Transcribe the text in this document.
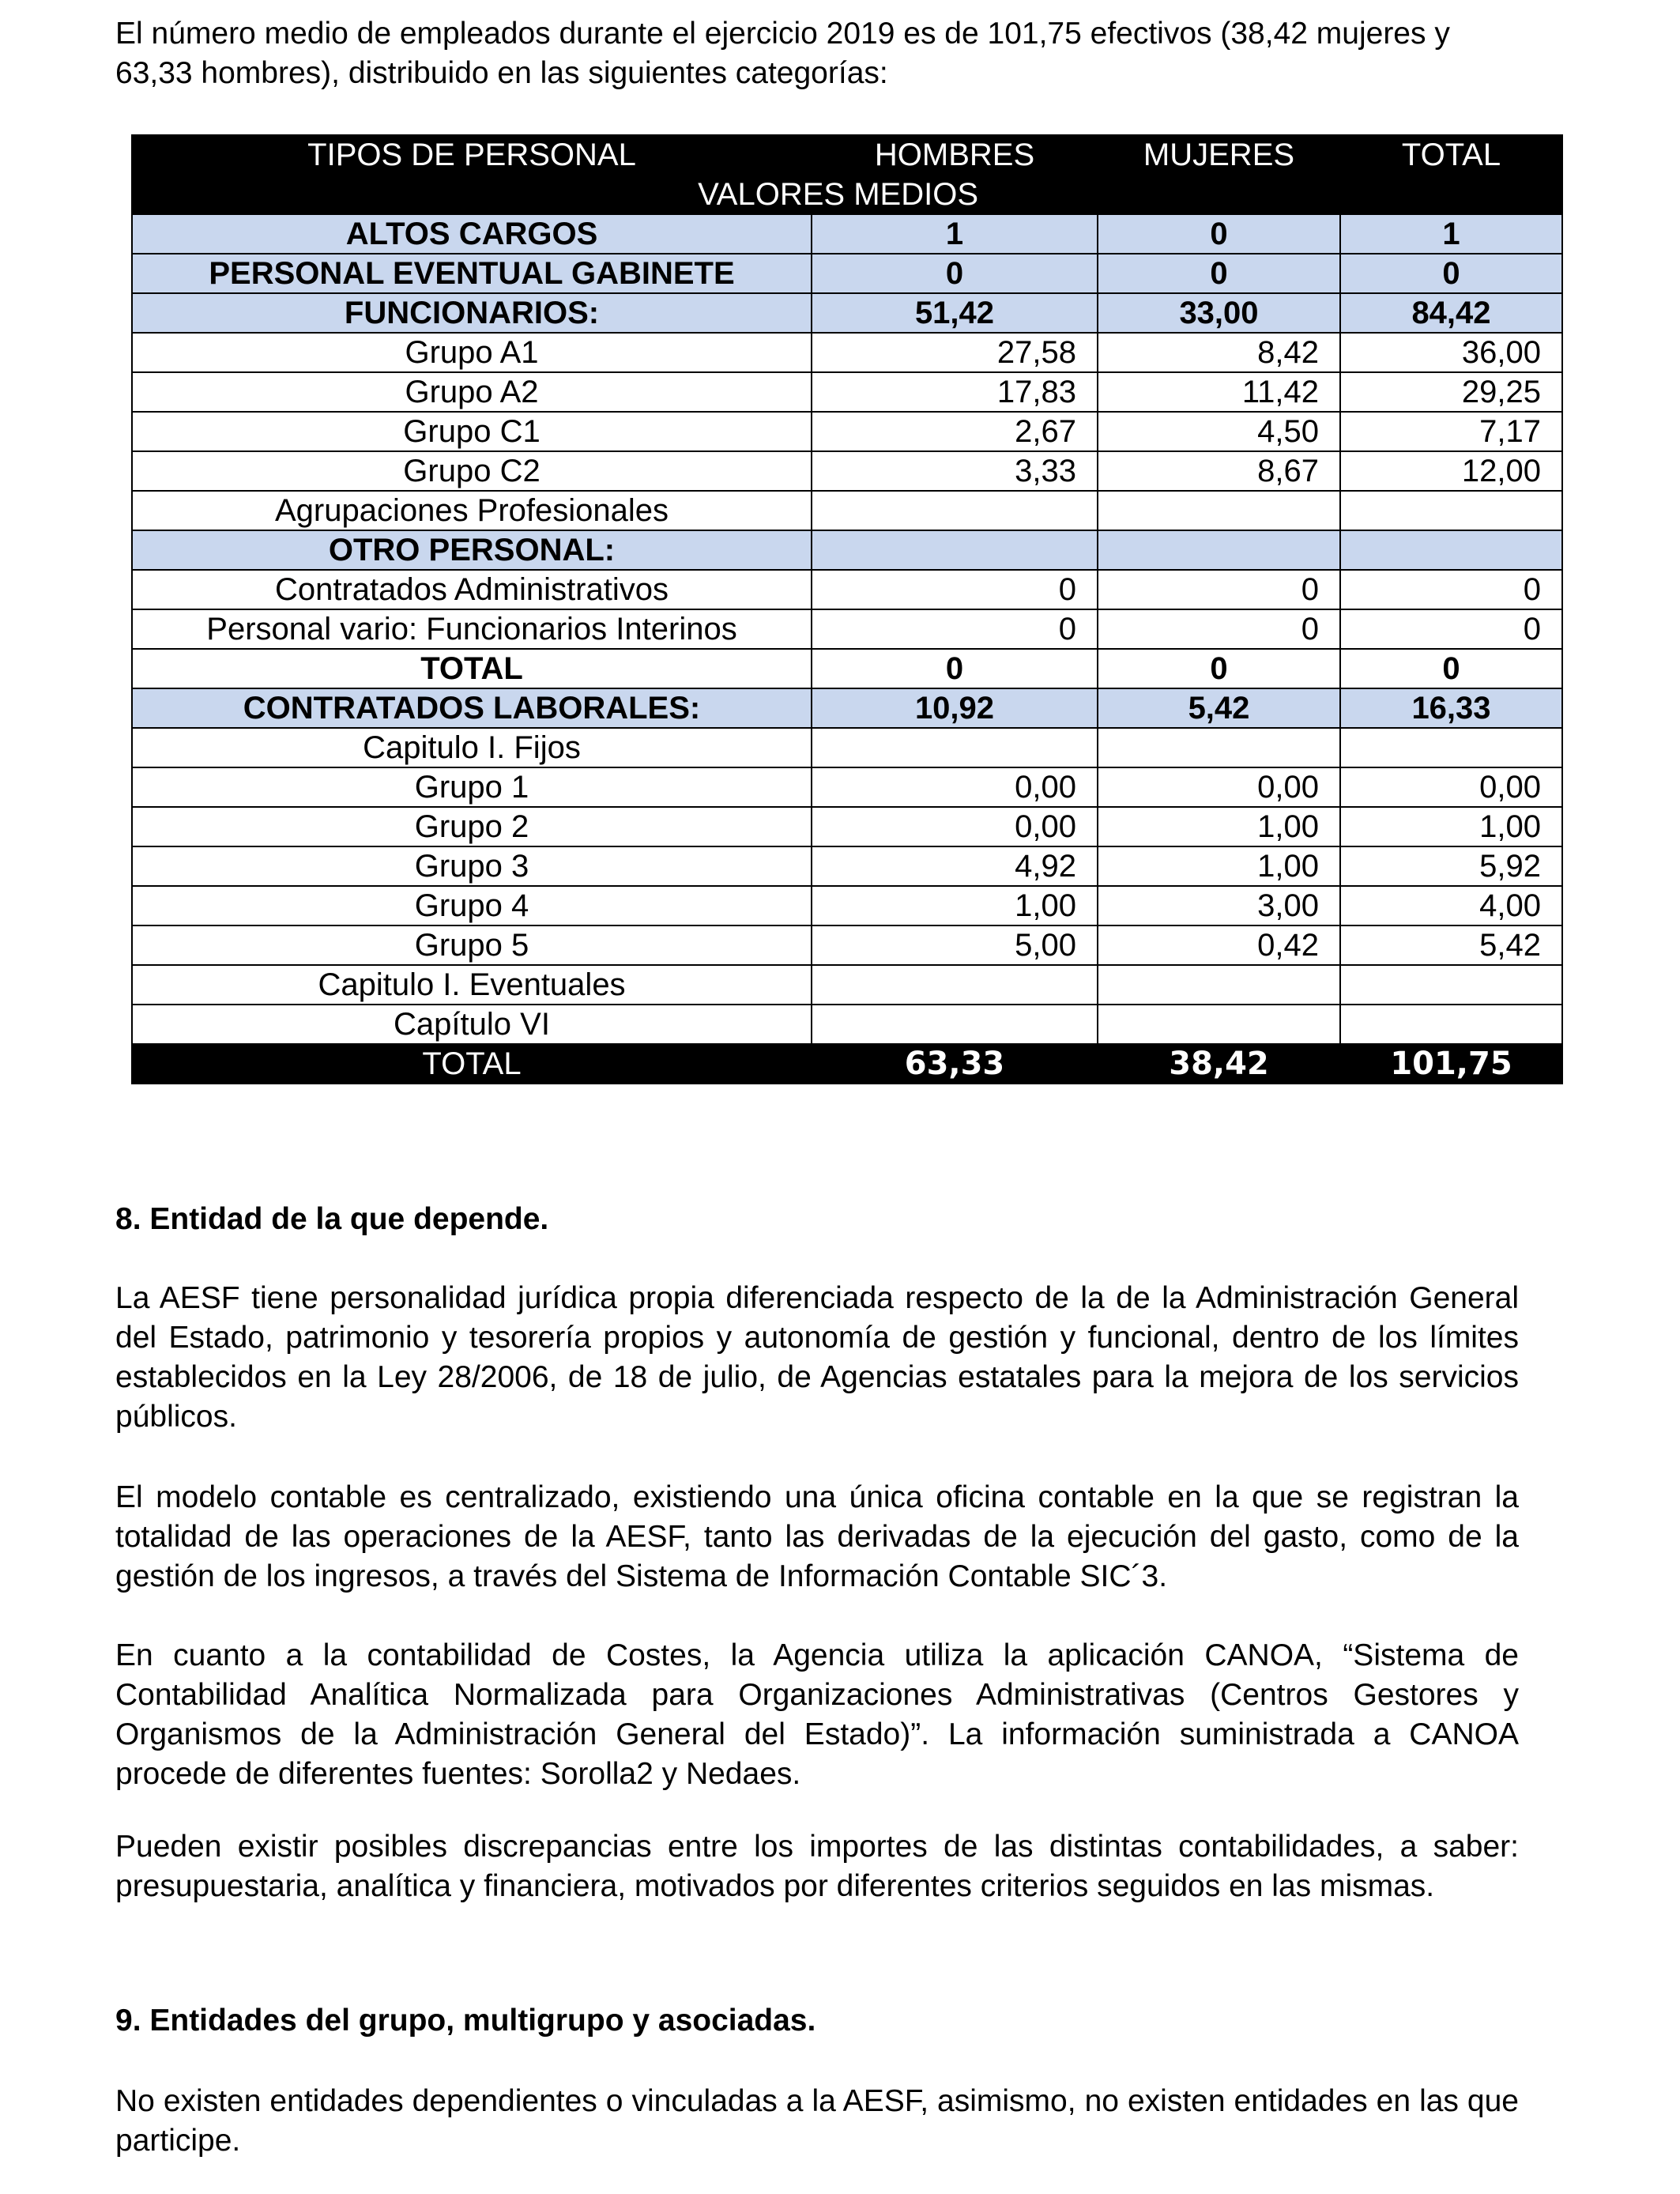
El número medio de empleados durante el ejercicio 2019 es de 101,75 efectivos (38,42 mujeres y 63,33 hombres), distribuido en las siguientes categorías:

TIPOS DE PERSONAL	HOMBRES	MUJERES	TOTAL
VALORES MEDIOS			
ALTOS CARGOS	1	0	1
PERSONAL EVENTUAL GABINETE	0	0	0
FUNCIONARIOS:	51,42	33,00	84,42
Grupo A1	27,58	8,42	36,00
Grupo A2	17,83	11,42	29,25
Grupo C1	2,67	4,50	7,17
Grupo C2	3,33	8,67	12,00
Agrupaciones Profesionales			
OTRO PERSONAL:			
Contratados Administrativos	0	0	0
Personal vario: Funcionarios Interinos	0	0	0
TOTAL	0	0	0
CONTRATADOS LABORALES:	10,92	5,42	16,33
Capitulo I. Fijos			
Grupo 1	0,00	0,00	0,00
Grupo 2	0,00	1,00	1,00
Grupo 3	4,92	1,00	5,92
Grupo 4	1,00	3,00	4,00
Grupo 5	5,00	0,42	5,42
Capitulo I. Eventuales			
Capítulo VI			
TOTAL	63,33	38,42	101,75

8. Entidad de la que depende.

La AESF tiene personalidad jurídica propia diferenciada respecto de la de la Administración General del Estado, patrimonio y tesorería propios y autonomía de gestión y funcional, dentro de los límites establecidos en la Ley 28/2006, de 18 de julio, de Agencias estatales para la mejora de los servicios públicos.

El modelo contable es centralizado, existiendo una única oficina contable en la que se registran la totalidad de las operaciones de la AESF, tanto las derivadas de la ejecución del gasto, como de la gestión de los ingresos, a través del Sistema de Información Contable SIC´3.

En cuanto a la contabilidad de Costes, la Agencia utiliza la aplicación CANOA, “Sistema de Contabilidad Analítica Normalizada para Organizaciones Administrativas (Centros Gestores y Organismos de la Administración General del Estado)”. La información suministrada a CANOA procede de diferentes fuentes: Sorolla2 y Nedaes.

Pueden existir posibles discrepancias entre los importes de las distintas contabilidades, a saber: presupuestaria, analítica y financiera, motivados por diferentes criterios seguidos en las mismas.

9. Entidades del grupo, multigrupo y asociadas.

No existen entidades dependientes o vinculadas a la AESF, asimismo, no existen entidades en las que participe.
